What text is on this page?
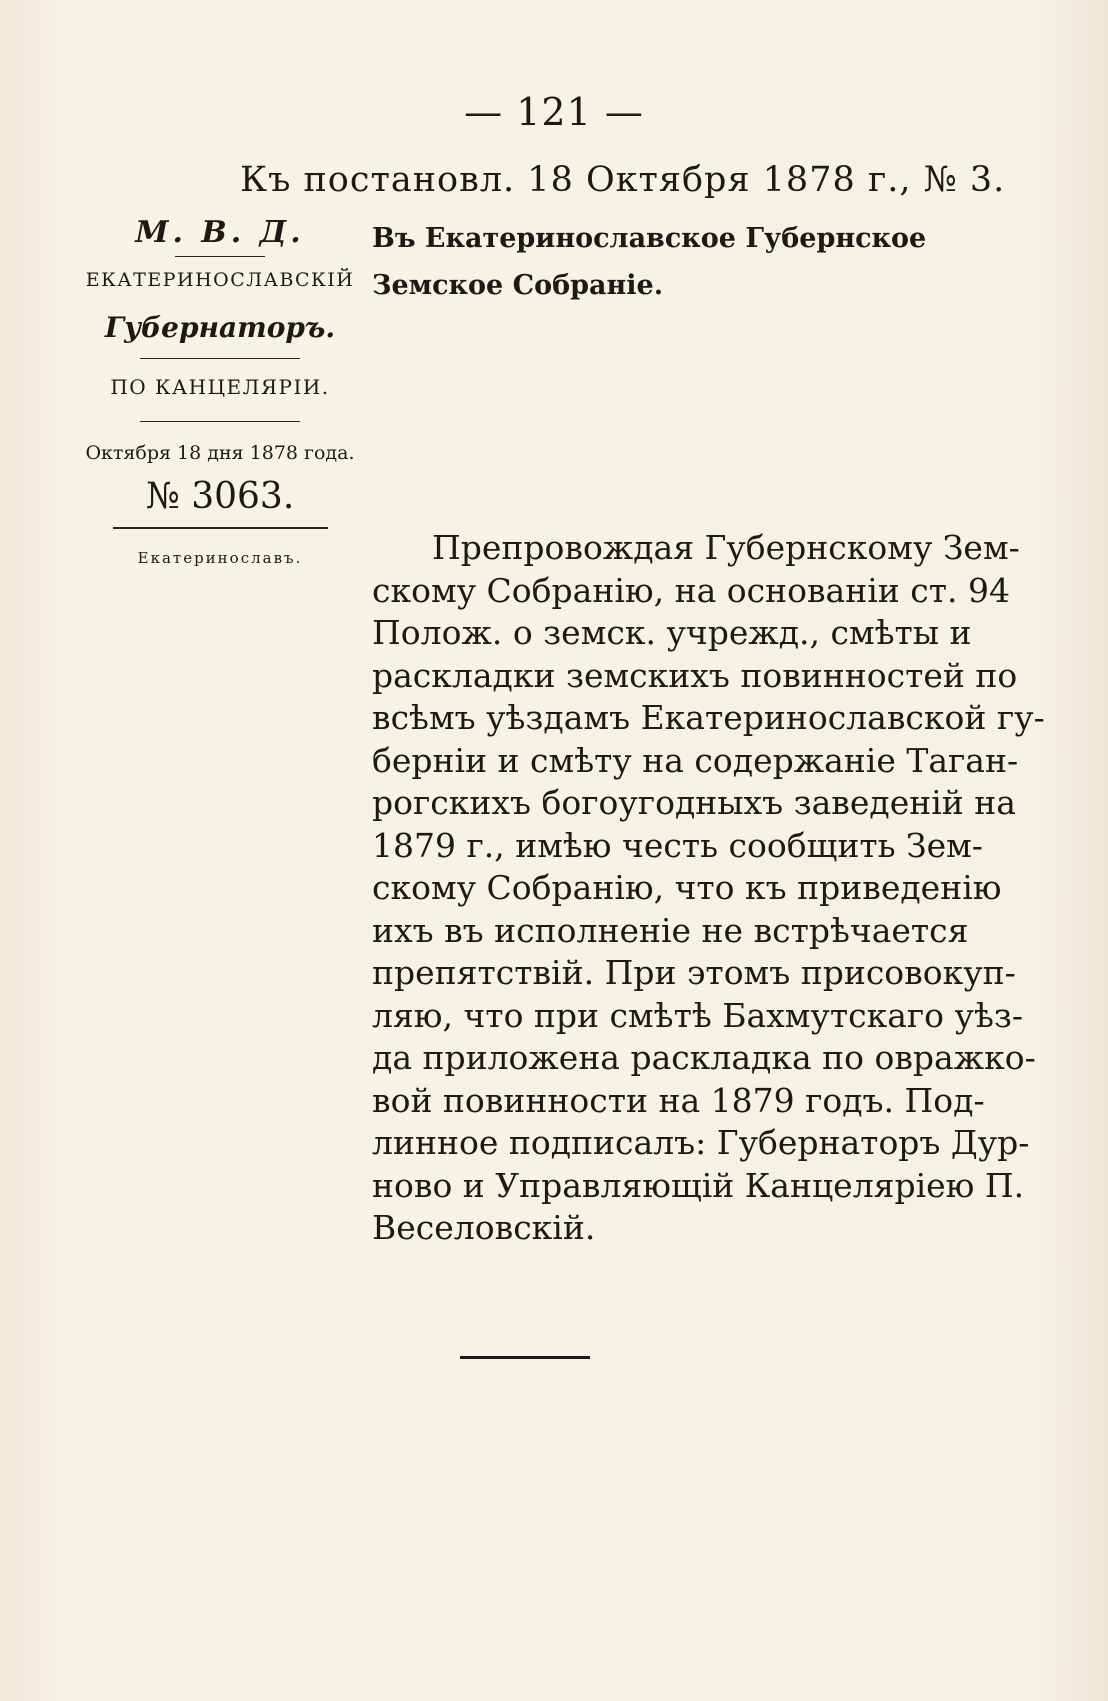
— 121 —
Къ постановл. 18 Октября 1878 г., № 3.
М. В. Д.
ЕКАТЕРИНОСЛАВСКІЙ
Губернаторъ.
ПО КАНЦЕЛЯРІИ.
Октября 18 дня 1878 года.
№ 3063.
Екатеринославъ.
Въ Екатеринославское Губернское
Земское Собраніе.
Препровождая Губернскому Зем-
скому Собранію, на основаніи ст. 94
Полож. о земск. учрежд., смѣты и
раскладки земскихъ повинностей по
всѣмъ уѣздамъ Екатеринославской гу-
берніи и смѣту на содержаніе Таган-
рогскихъ богоугодныхъ заведеній на
1879 г., имѣю честь сообщить Зем-
скому Собранію, что къ приведенію
ихъ въ исполненіе не встрѣчается
препятствій. При этомъ присовокуп-
ляю, что при смѣтѣ Бахмутскаго уѣз-
да приложена раскладка по овражко-
вой повинности на 1879 годъ. Под-
линное подписалъ: Губернаторъ Дур-
ново и Управляющій Канцеляріею П.
Веселовскій.
